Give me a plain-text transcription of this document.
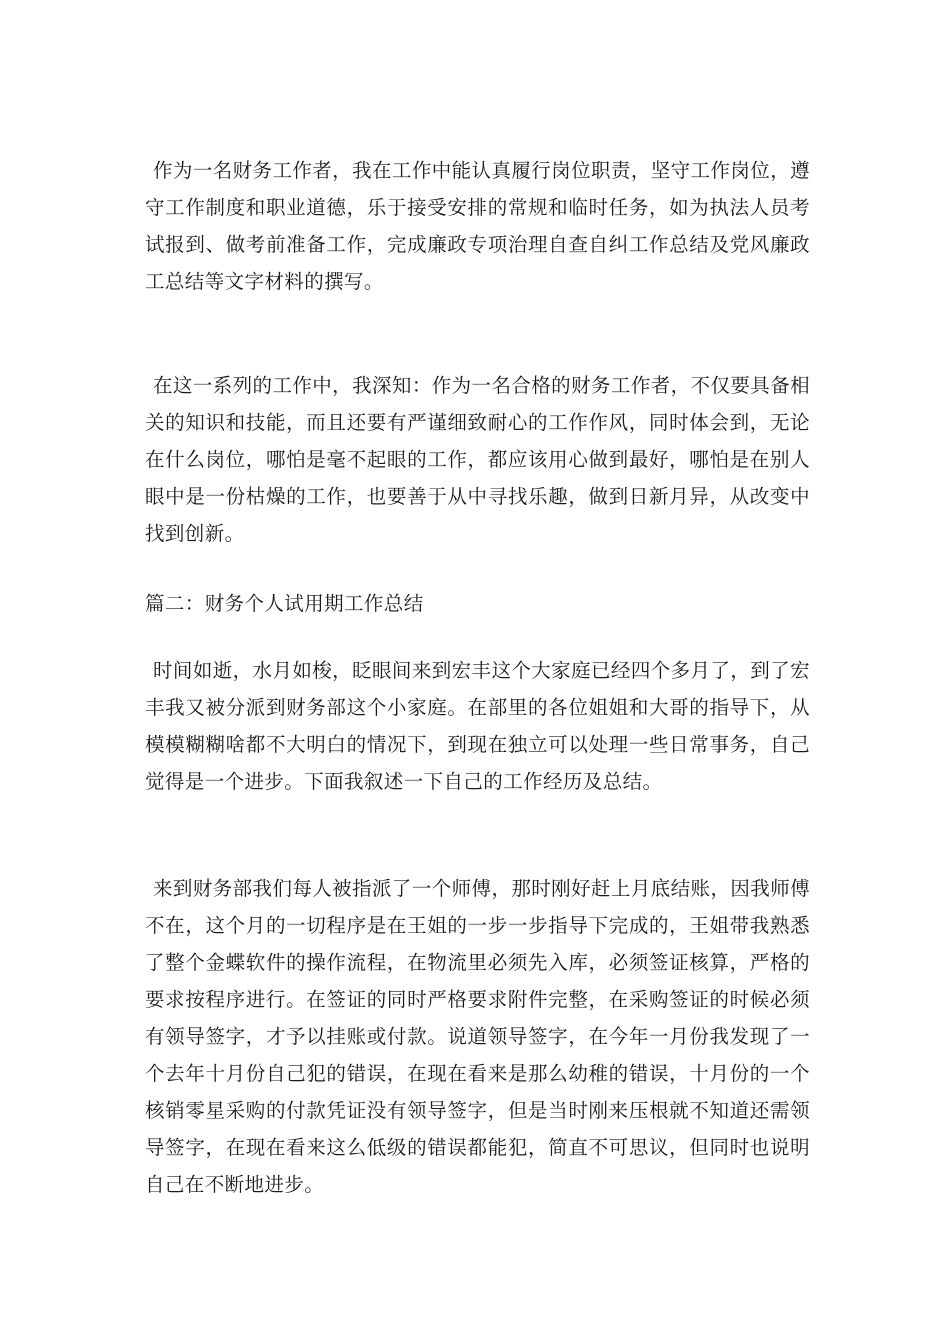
作为一名财务工作者，我在工作中能认真履行岗位职责，坚守工作岗位，遵守工作制度和职业道德，乐于接受安排的常规和临时任务，如为执法人员考试报到、做考前准备工作，完成廉政专项治理自查自纠工作总结及党风廉政工总结等文字材料的撰写。

在这一系列的工作中，我深知：作为一名合格的财务工作者，不仅要具备相关的知识和技能，而且还要有严谨细致耐心的工作作风，同时体会到，无论在什么岗位，哪怕是毫不起眼的工作，都应该用心做到最好，哪怕是在别人眼中是一份枯燥的工作，也要善于从中寻找乐趣，做到日新月异，从改变中找到创新。

篇二：财务个人试用期工作总结

时间如逝，水月如梭，眨眼间来到宏丰这个大家庭已经四个多月了，到了宏丰我又被分派到财务部这个小家庭。在部里的各位姐姐和大哥的指导下，从模模糊糊啥都不大明白的情况下，到现在独立可以处理一些日常事务，自己觉得是一个进步。下面我叙述一下自己的工作经历及总结。

来到财务部我们每人被指派了一个师傅，那时刚好赶上月底结账，因我师傅不在，这个月的一切程序是在王姐的一步一步指导下完成的，王姐带我熟悉了整个金蝶软件的操作流程，在物流里必须先入库，必须签证核算，严格的要求按程序进行。在签证的同时严格要求附件完整，在采购签证的时候必须有领导签字，才予以挂账或付款。说道领导签字，在今年一月份我发现了一个去年十月份自己犯的错误，在现在看来是那么幼稚的错误，十月份的一个核销零星采购的付款凭证没有领导签字，但是当时刚来压根就不知道还需领导签字，在现在看来这么低级的错误都能犯，简直不可思议，但同时也说明自己在不断地进步。
